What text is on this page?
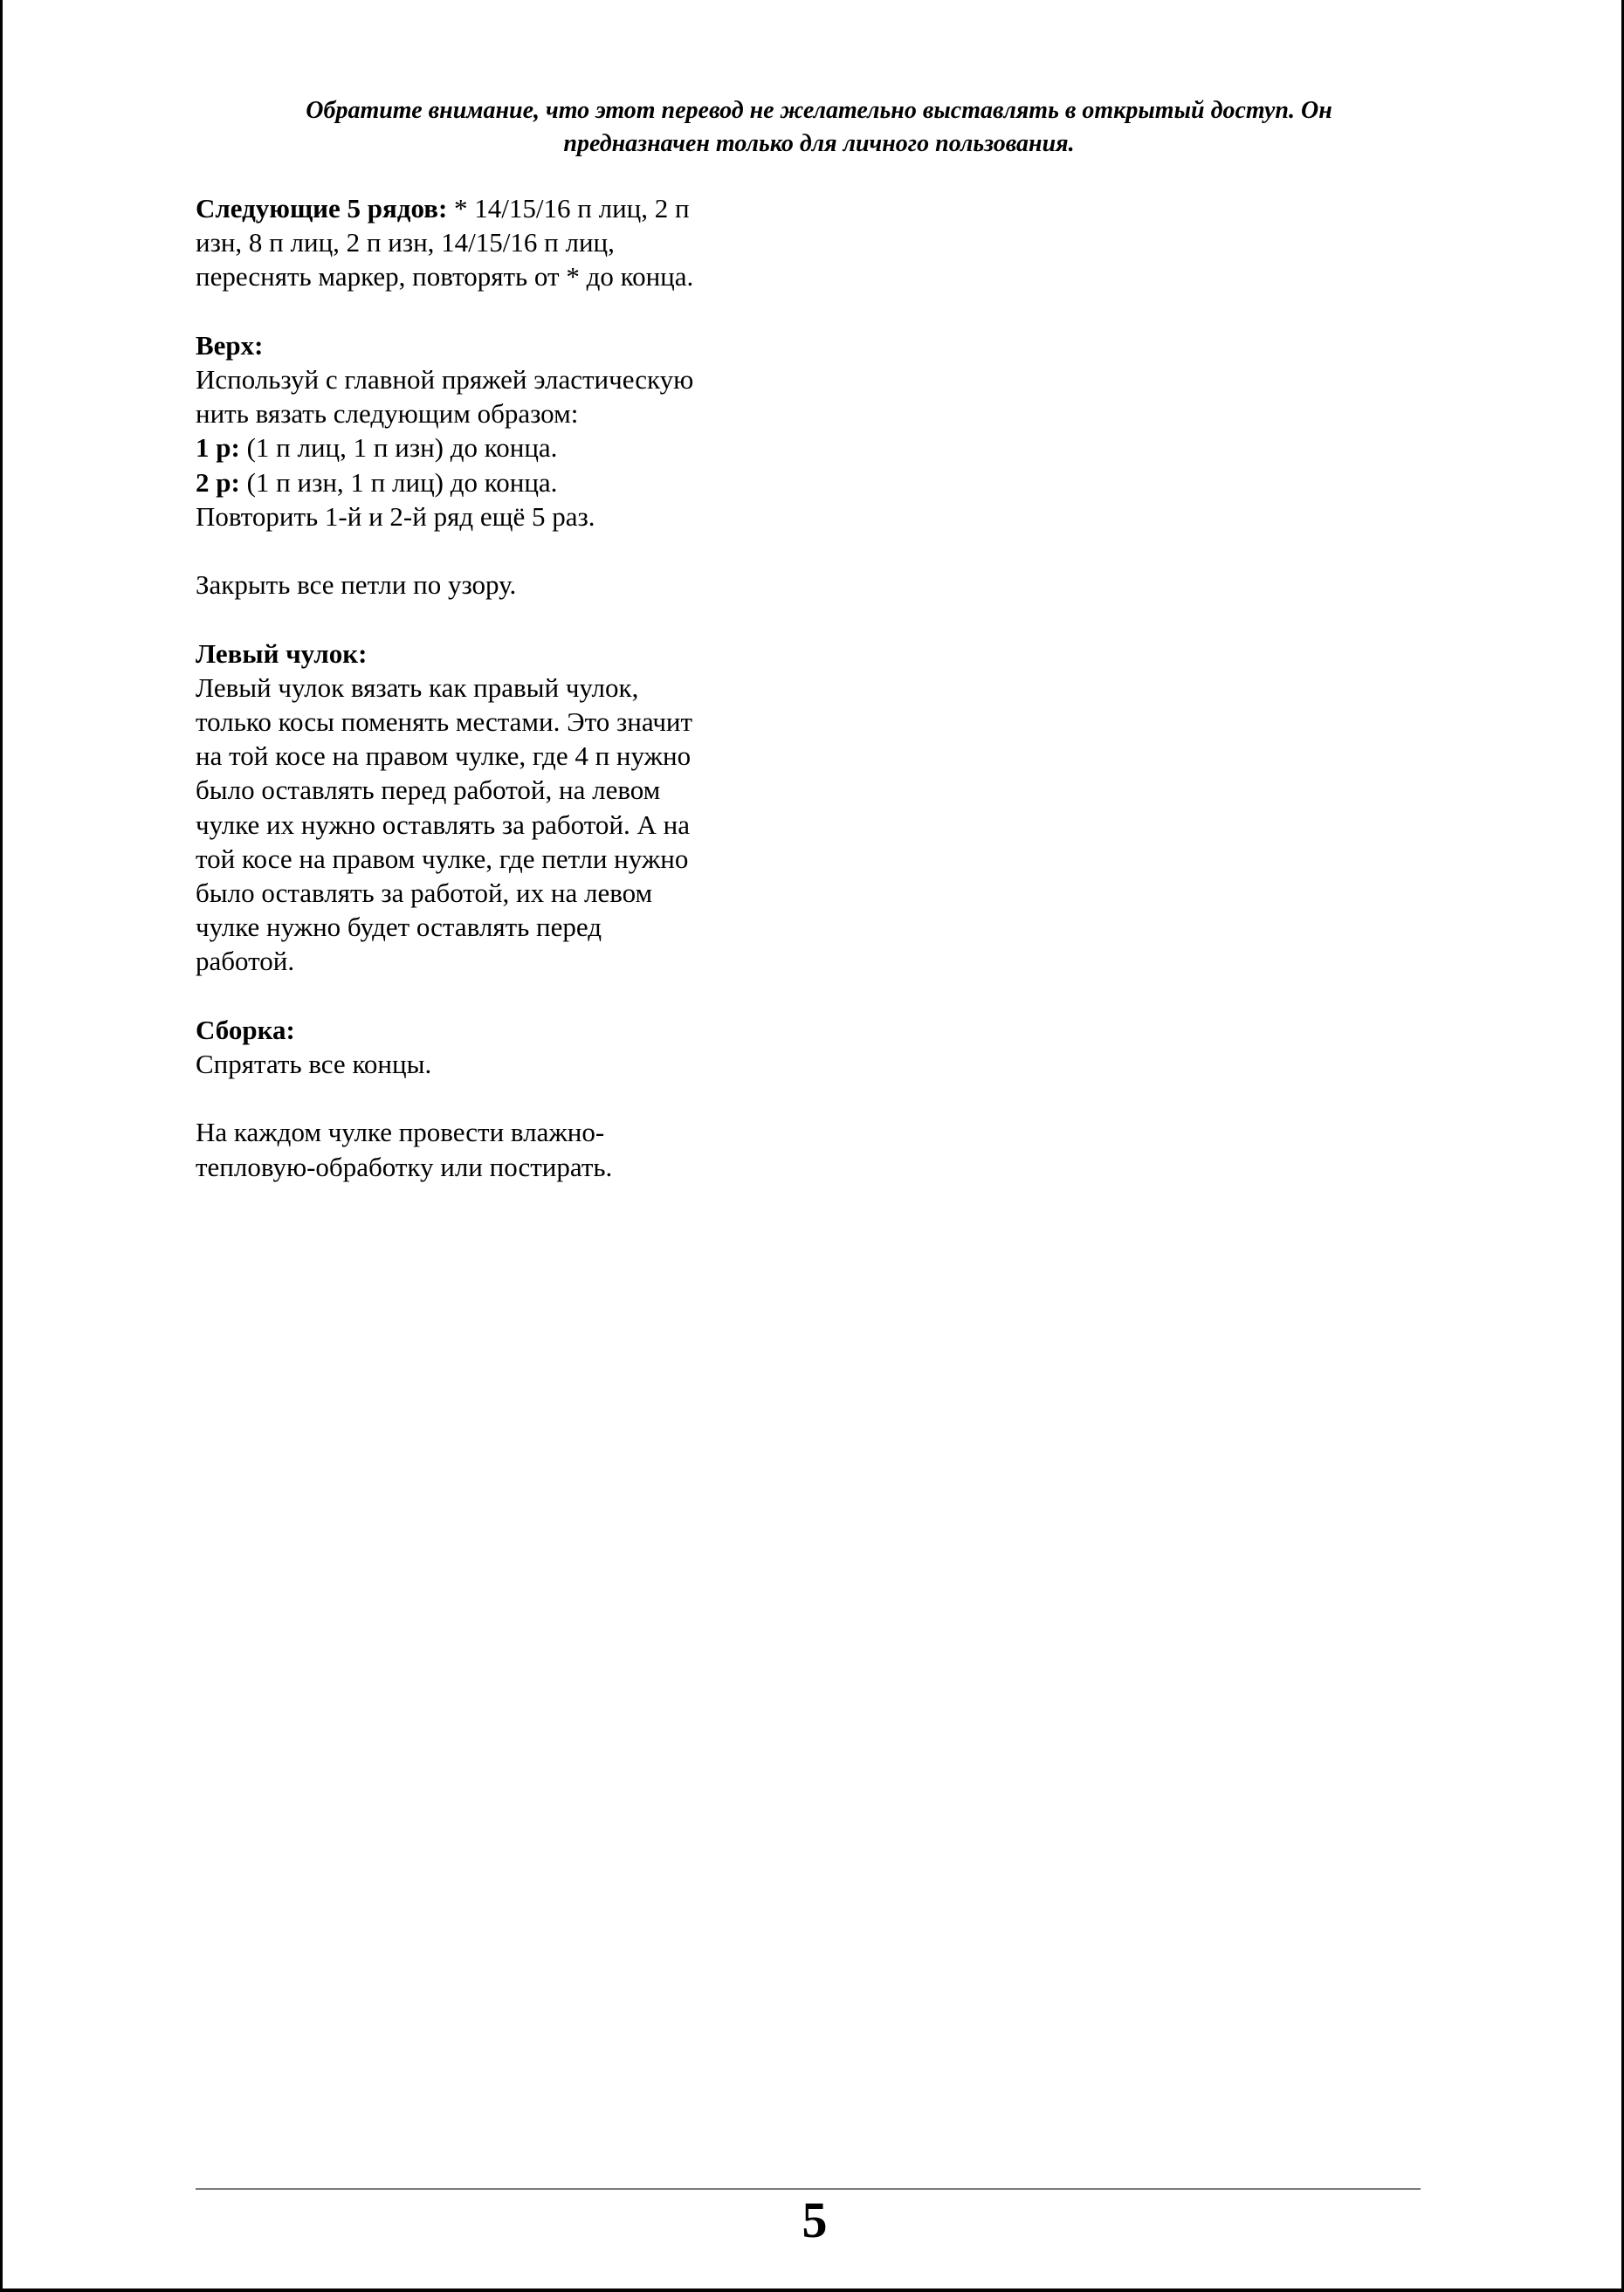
Обратите внимание, что этот перевод не желательно выставлять в открытый доступ. Он
предназначен только для личного пользования.
Следующие 5 рядов: * 14/15/16 п лиц, 2 п
изн, 8 п лиц, 2 п изн, 14/15/16 п лиц,
переснять маркер, повторять от * до конца.
Верх:
Используй с главной пряжей эластическую
нить вязать следующим образом:
1 р: (1 п лиц, 1 п изн) до конца.
2 р: (1 п изн, 1 п лиц) до конца.
Повторить 1-й и 2-й ряд ещё 5 раз.
Закрыть все петли по узору.
Левый чулок:
Левый чулок вязать как правый чулок,
только косы поменять местами. Это значит
на той косе на правом чулке, где 4 п нужно
было оставлять перед работой, на левом
чулке их нужно оставлять за работой. А на
той косе на правом чулке, где петли нужно
было оставлять за работой, их на левом
чулке нужно будет оставлять перед
работой.
Сборка:
Спрятать все концы.
На каждом чулке провести влажно-
тепловую-обработку или постирать.
5
